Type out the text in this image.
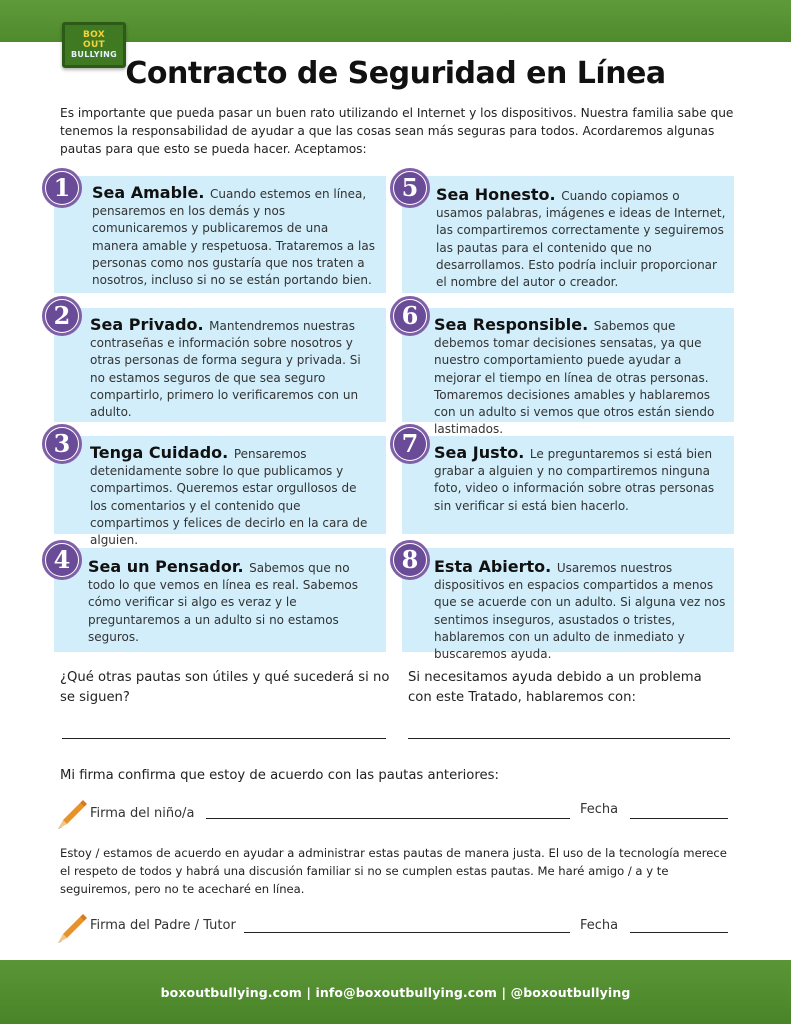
BOX
OUT
BULLYING
Contracto de Seguridad en Línea

Es importante que pueda pasar un buen rato utilizando el Internet y los dispositivos. Nuestra familia sabe que tenemos la responsabilidad de ayudar a que las cosas sean más seguras para todos. Acordaremos algunas pautas para que esto se pueda hacer. Aceptamos:

Sea Amable. Cuando estemos en línea, pensaremos en los demás y nos comunicaremos y publicaremos de una manera amable y respetuosa. Trataremos a las personas como nos gustaría que nos traten a nosotros, incluso si no se están portando bien.
1
Sea Privado. Mantendremos nuestras contraseñas e información sobre nosotros y otras personas de forma segura y privada. Si no estamos seguros de que sea seguro compartirlo, primero lo verificaremos con un adulto.
2
Tenga Cuidado. Pensaremos detenidamente sobre lo que publicamos y compartimos. Queremos estar orgullosos de los comentarios y el contenido que compartimos y felices de decirlo en la cara de alguien.
3
Sea un Pensador. Sabemos que no todo lo que vemos en línea es real. Sabemos cómo verificar si algo es veraz y le preguntaremos a un adulto si no estamos seguros.
4
Sea Honesto. Cuando copiamos o usamos palabras, imágenes e ideas de Internet, las compartiremos correctamente y seguiremos las pautas para el contenido que no desarrollamos. Esto podría incluir proporcionar el nombre del autor o creador.
5
Sea Responsible. Sabemos que debemos tomar decisiones sensatas, ya que nuestro comportamiento puede ayudar a mejorar el tiempo en línea de otras personas. Tomaremos decisiones amables y hablaremos con un adulto si vemos que otros están siendo lastimados.
6
Sea Justo. Le preguntaremos si está bien grabar a alguien y no compartiremos ninguna foto, video o información sobre otras personas sin verificar si está bien hacerlo.
7
Esta Abierto. Usaremos nuestros dispositivos en espacios compartidos a menos que se acuerde con un adulto. Si alguna vez nos sentimos inseguros, asustados o tristes, hablaremos con un adulto de inmediato y buscaremos ayuda.
8

¿Qué otras pautas son útiles y qué sucederá si no se siguen?

Si necesitamos ayuda debido a un problema con este Tratado, hablaremos con:

Mi firma confirma que estoy de acuerdo con las pautas anteriores:

Firma del niño/a	Fecha

Estoy / estamos de acuerdo en ayudar a administrar estas pautas de manera justa. El uso de la tecnología merece el respeto de todos y habrá una discusión familiar si no se cumplen estas pautas. Me haré amigo / a y te seguiremos, pero no te acecharé en línea.

Firma del Padre / Tutor	Fecha
boxoutbullying.com | info@boxoutbullying.com | @boxoutbullying
